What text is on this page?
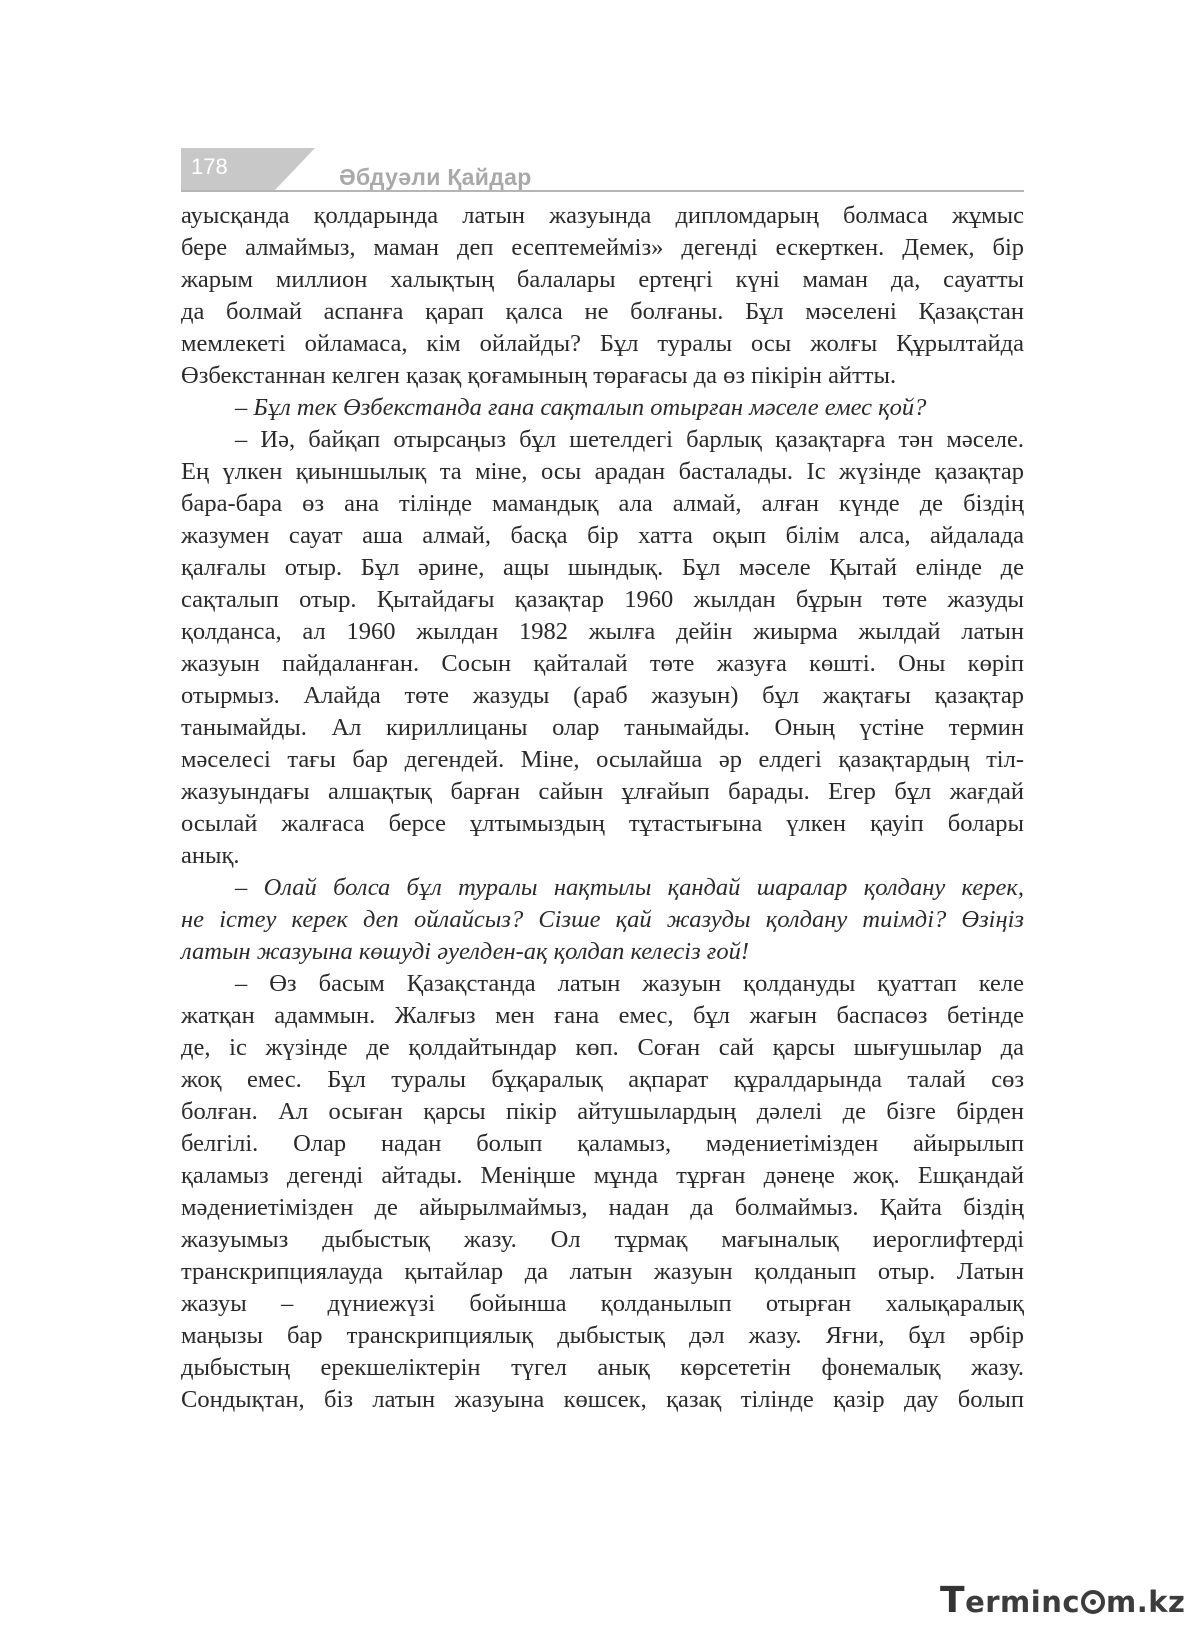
178	Әбдуәли Қайдар
ауысқанда қолдарында латын жазуында дипломдарың болмаса жұмыс
бере алмаймыз, маман деп есептемейміз» дегенді ескерткен. Демек, бір
жарым миллион халықтың балалары ертеңгі күні маман да, сауатты
да болмай аспанға қарап қалса не болғаны. Бұл мәселені Қазақстан
мемлекеті ойламаса, кім ойлайды? Бұл туралы осы жолғы Құрылтайда
Өзбекстаннан келген қазақ қоғамының төрағасы да өз пікірін айтты.
– Бұл тек Өзбекстанда ғана сақталып отырған мәселе емес қой?
– Иә, байқап отырсаңыз бұл шетелдегі барлық қазақтарға тән мәселе.
Ең үлкен қиыншылық та міне, осы арадан басталады. Іс жүзінде қазақтар
бара-бара өз ана тілінде мамандық ала алмай, алған күнде де біздің
жазумен сауат аша алмай, басқа бір хатта оқып білім алса, айдалада
қалғалы отыр. Бұл әрине, ащы шындық. Бұл мәселе Қытай елінде де
сақталып отыр. Қытайдағы қазақтар 1960 жылдан бұрын төте жазуды
қолданса, ал 1960 жылдан 1982 жылға дейін жиырма жылдай латын
жазуын пайдаланған. Сосын қайталай төте жазуға көшті. Оны көріп
отырмыз. Алайда төте жазуды (араб жазуын) бұл жақтағы қазақтар
танымайды. Ал кириллицаны олар танымайды. Оның үстіне термин
мәселесі тағы бар дегендей. Міне, осылайша әр елдегі қазақтардың тіл-
жазуындағы алшақтық барған сайын ұлғайып барады. Егер бұл жағдай
осылай жалғаса берсе ұлтымыздың тұтастығына үлкен қауіп болары
анық.
– Олай болса бұл туралы нақтылы қандай шаралар қолдану керек,
не істеу керек деп ойлайсыз? Сізше қай жазуды қолдану тиімді? Өзіңіз
латын жазуына көшуді әуелден-ақ қолдап келесіз ғой!
– Өз басым Қазақстанда латын жазуын қолдануды қуаттап келе
жатқан адаммын. Жалғыз мен ғана емес, бұл жағын баспасөз бетінде
де, іс жүзінде де қолдайтындар көп. Соған сай қарсы шығушылар да
жоқ емес. Бұл туралы бұқаралық ақпарат құралдарында талай сөз
болған. Ал осыған қарсы пікір айтушылардың дәлелі де бізге бірден
белгілі. Олар надан болып қаламыз, мәдениетімізден айырылып
қаламыз дегенді айтады. Меніңше мұнда тұрған дәнеңе жоқ. Ешқандай
мәдениетімізден де айырылмаймыз, надан да болмаймыз. Қайта біздің
жазуымыз дыбыстық жазу. Ол тұрмақ мағыналық иероглифтерді
транскрипциялауда қытайлар да латын жазуын қолданып отыр. Латын
жазуы – дүниежүзі бойынша қолданылып отырған халықаралық
маңызы бар транскрипциялық дыбыстық дәл жазу. Яғни, бұл әрбір
дыбыстың ерекшеліктерін түгел анық көрсететін фонемалық жазу.
Сондықтан, біз латын жазуына көшсек, қазақ тілінде қазір дау болып
Terminc m.kz
